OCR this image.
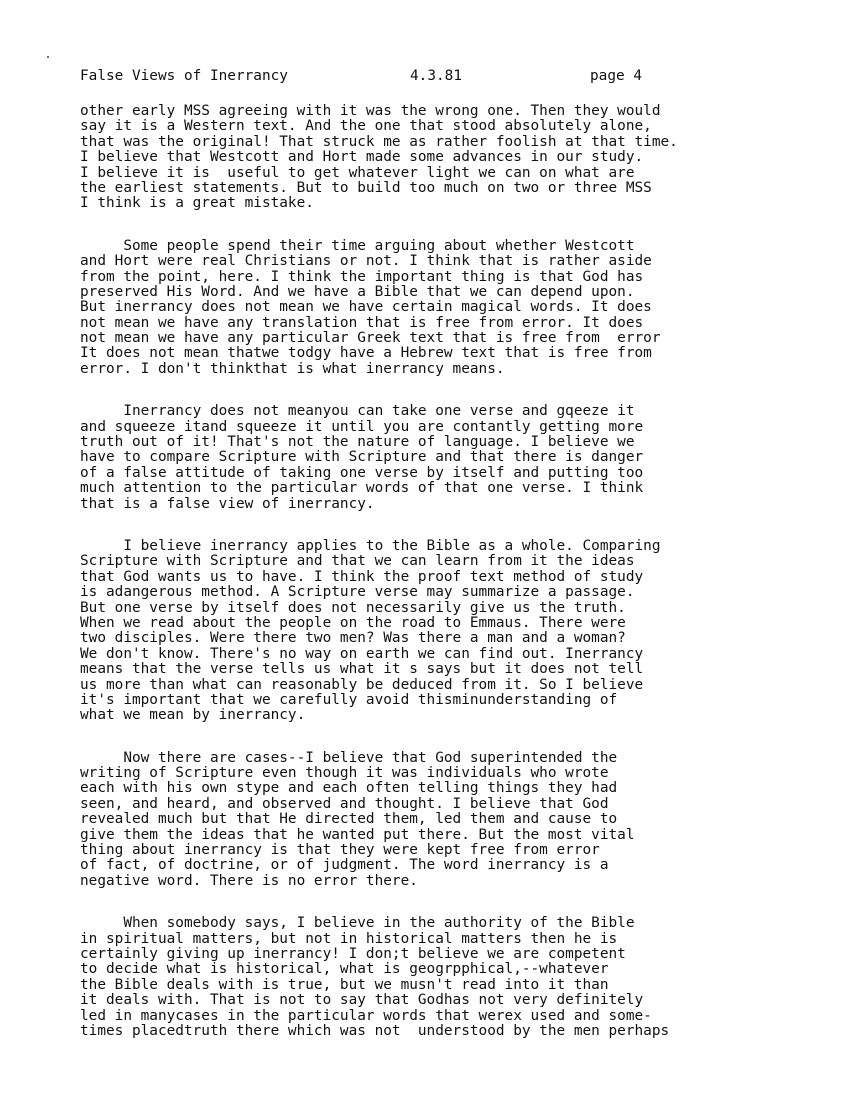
False Views of Inerrancy

	4.3.81

	page 4

other early MSS agreeing with it was the wrong one. Then they would
say it is a Western text. And the one that stood absolutely alone,
that was the original! That struck me as rather foolish at that time.
I believe that Westcott and Hort made some advances in our study.
I believe it is  useful to get whatever light we can on what are
the earliest statements. But to build too much on two or three MSS
I think is a great mistake.
Some people spend their time arguing about whether Westcott
and Hort were real Christians or not. I think that is rather aside
from the point, here. I think the important thing is that God has
preserved His Word. And we have a Bible that we can depend upon.
But inerrancy does not mean we have certain magical words. It does
not mean we have any translation that is free from error. It does
not mean we have any particular Greek text that is free from  error
It does not mean thatwe todgy have a Hebrew text that is free from
error. I don't thinkthat is what inerrancy means.
Inerrancy does not meanyou can take one verse and gqeeze it
and squeeze itand squeeze it until you are contantly getting more
truth out of it! That's not the nature of language. I believe we
have to compare Scripture with Scripture and that there is danger
of a false attitude of taking one verse by itself and putting too
much attention to the particular words of that one verse. I think
that is a false view of inerrancy.
I believe inerrancy applies to the Bible as a whole. Comparing
Scripture with Scripture and that we can learn from it the ideas
that God wants us to have. I think the proof text method of study
is adangerous method. A Scripture verse may summarize a passage.
But one verse by itself does not necessarily give us the truth.
When we read about the people on the road to Emmaus. There were
two disciples. Were there two men? Was there a man and a woman?
We don't know. There's no way on earth we can find out. Inerrancy
means that the verse tells us what it s says but it does not tell
us more than what can reasonably be deduced from it. So I believe
it's important that we carefully avoid thisminunderstanding of
what we mean by inerrancy.
Now there are cases--I believe that God superintended the
writing of Scripture even though it was individuals who wrote
each with his own stype and each often telling things they had
seen, and heard, and observed and thought. I believe that God
revealed much but that He directed them, led them and cause to
give them the ideas that he wanted put there. But the most vital
thing about inerrancy is that they were kept free from error
of fact, of doctrine, or of judgment. The word inerrancy is a
negative word. There is no error there.
When somebody says, I believe in the authority of the Bible
in spiritual matters, but not in historical matters then he is
certainly giving up inerrancy! I don;t believe we are competent
to decide what is historical, what is geogrpphical,--whatever
the Bible deals with is true, but we musn't read into it than
it deals with. That is not to say that Godhas not very definitely
led in manycases in the particular words that werex used and some-
times placedtruth there which was not  understood by the men perhaps
